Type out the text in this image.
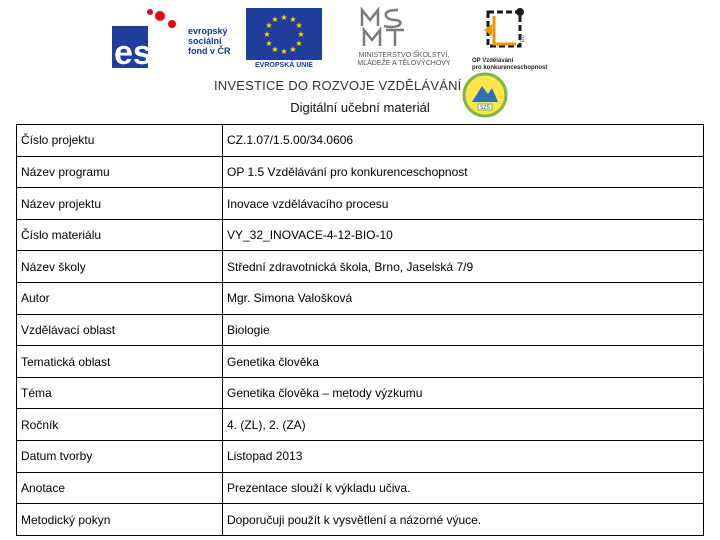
esf
evropský
sociální
fond v ČR
★ ★
★
★
★
★
★
★
★
★
★
★
EVROPSKÁ UNIE
MINISTERSTVO ŠKOLSTVÍ,
MLÁDEŽE A TĚLOVÝCHOVY
EU
OP Vzdělávání
pro konkurenceschopnost
INVESTICE DO ROZVOJE VZDĚLÁVÁNÍ
SZŠ
Digitální učební materiál
Číslo projektu	CZ.1.07/1.5.00/34.0606
Název programu	OP 1.5 Vzdělávání pro konkurenceschopnost
Název projektu	Inovace vzdělávacího procesu
Číslo materiálu	VY_32_INOVACE-4-12-BIO-10
Název školy	Střední zdravotnická škola, Brno, Jaselská 7/9
Autor	Mgr. Simona Valošková
Vzdělávací oblast	Biologie
Tematická oblast	Genetika člověka
Téma	Genetika člověka – metody výzkumu
Ročník	4. (ZL), 2. (ZA)
Datum tvorby	Listopad 2013
Anotace	Prezentace slouží k výkladu učiva.
Metodický pokyn	Doporučuji použít k vysvětlení a názorné výuce.
